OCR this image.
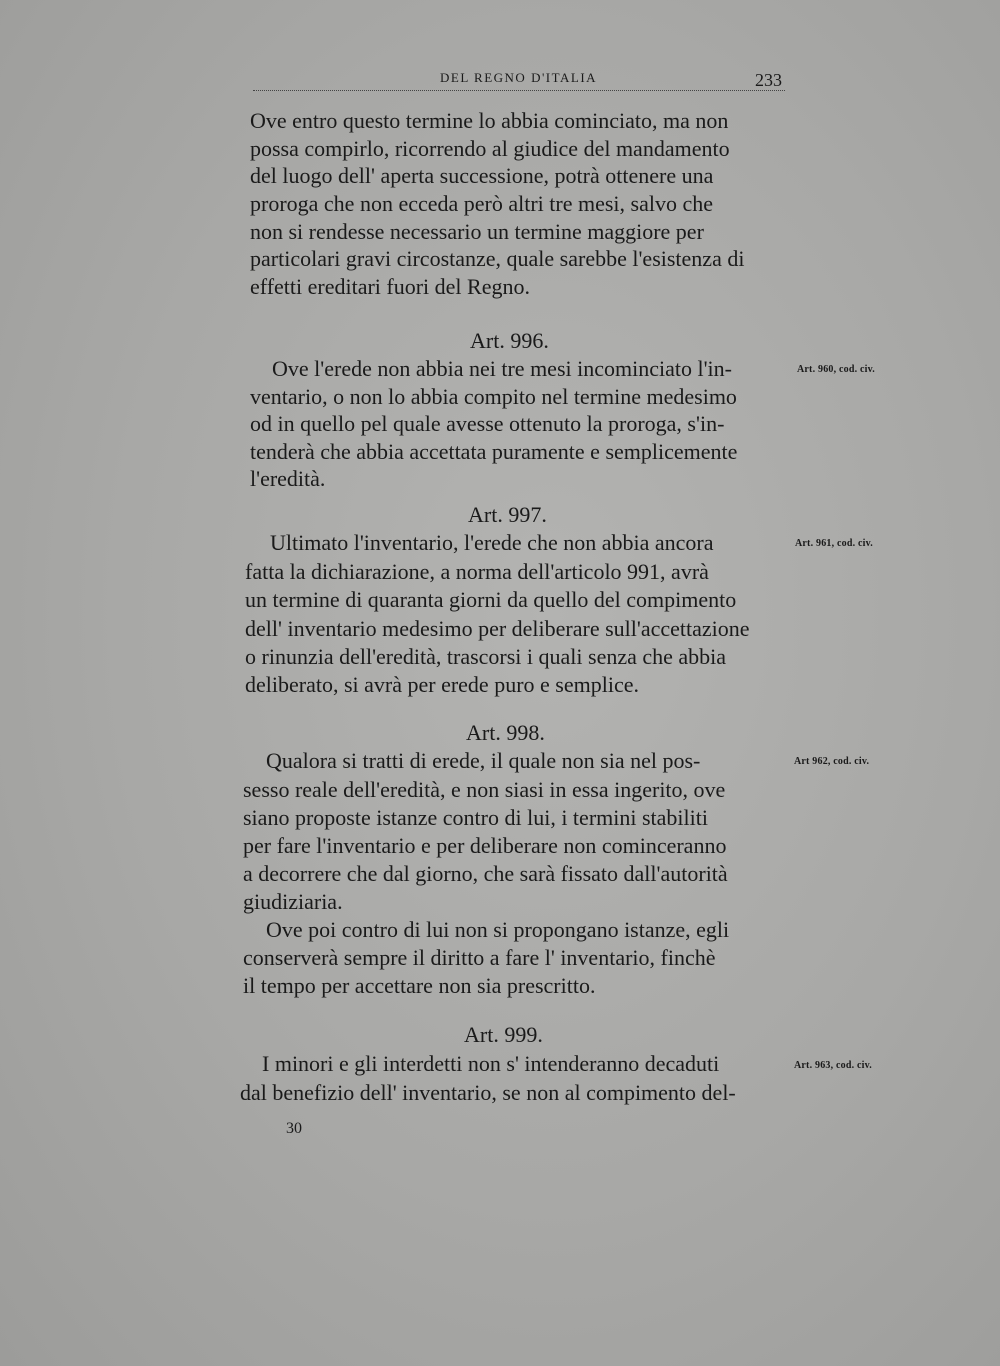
DEL REGNO D'ITALIA	233
Ove entro questo termine lo abbia cominciato, ma non
possa compirlo, ricorrendo al giudice del mandamento
del luogo dell' aperta successione, potrà ottenere una
proroga che non ecceda però altri tre mesi, salvo che
non si rendesse necessario un termine maggiore per
particolari gravi circostanze, quale sarebbe l'esistenza di
effetti ereditari fuori del Regno.
Art. 996.
Art. 960, cod. civ.
Ove l'erede non abbia nei tre mesi incominciato l'in-
ventario, o non lo abbia compito nel termine medesimo
od in quello pel quale avesse ottenuto la proroga, s'in-
tenderà che abbia accettata puramente e semplicemente
l'eredità.
Art. 997.
Art. 961, cod. civ.
Ultimato l'inventario, l'erede che non abbia ancora
fatta la dichiarazione, a norma dell'articolo 991, avrà
un termine di quaranta giorni da quello del compimento
dell' inventario medesimo per deliberare sull'accettazione
o rinunzia dell'eredità, trascorsi i quali senza che abbia
deliberato, si avrà per erede puro e semplice.
Art. 998.
Art 962, cod. civ.
Qualora si tratti di erede, il quale non sia nel pos-
sesso reale dell'eredità, e non siasi in essa ingerito, ove
siano proposte istanze contro di lui, i termini stabiliti
per fare l'inventario e per deliberare non cominceranno
a decorrere che dal giorno, che sarà fissato dall'autorità
giudiziaria.
Ove poi contro di lui non si propongano istanze, egli
conserverà sempre il diritto a fare l' inventario, finchè
il tempo per accettare non sia prescritto.
Art. 999.
Art. 963, cod. civ.
I minori e gli interdetti non s' intenderanno decaduti
dal benefizio dell' inventario, se non al compimento del-
30
